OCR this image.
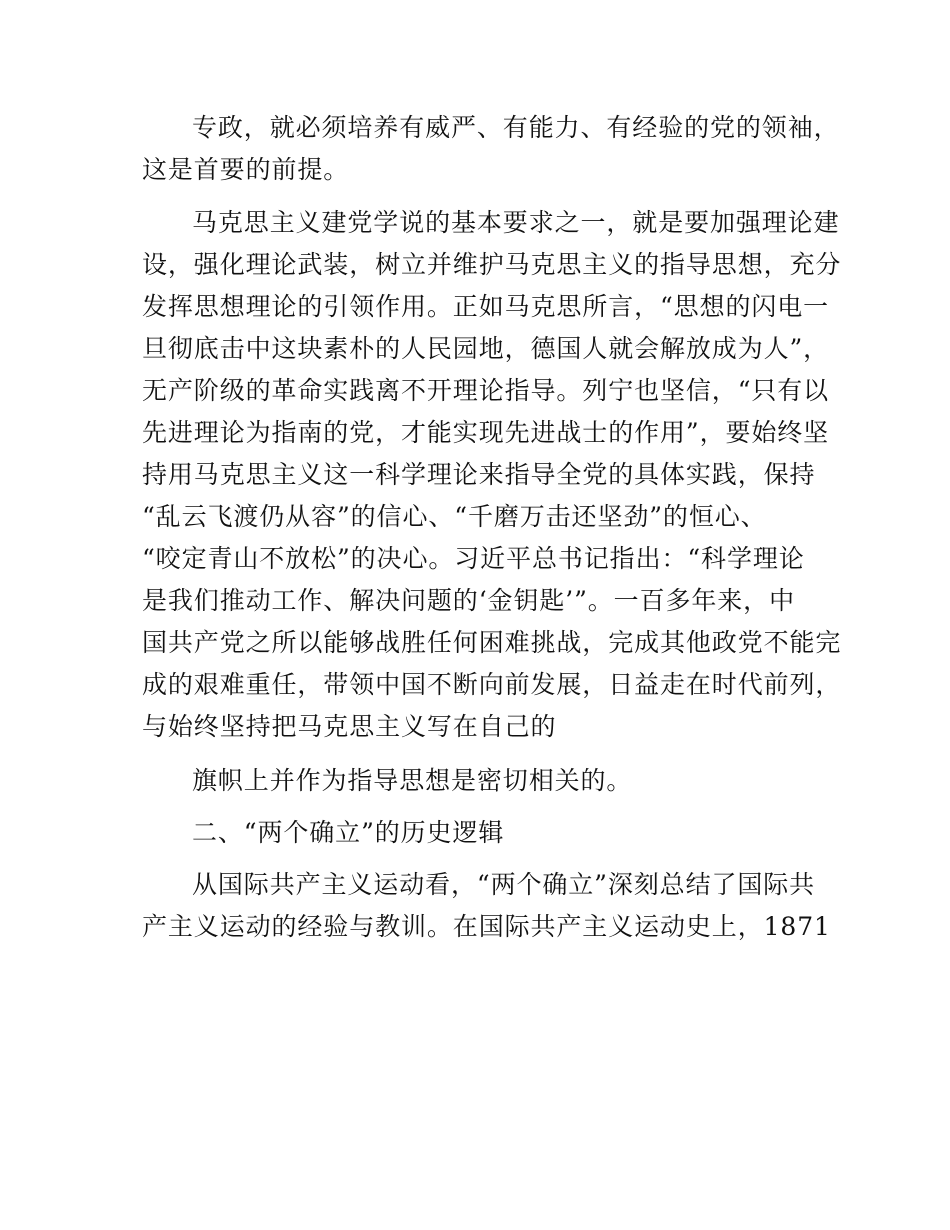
专政，就必须培养有威严、有能力、有经验的党的领袖，
这是首要的前提。
马克思主义建党学说的基本要求之一，就是要加强理论建
设，强化理论武装，树立并维护马克思主义的指导思想，充分
发挥思想理论的引领作用。正如马克思所言，“思想的闪电一
旦彻底击中这块素朴的人民园地，德国人就会解放成为人”，
无产阶级的革命实践离不开理论指导。列宁也坚信，“只有以
先进理论为指南的党，才能实现先进战士的作用”，要始终坚
持用马克思主义这一科学理论来指导全党的具体实践，保持
“乱云飞渡仍从容”的信心、“千磨万击还坚劲”的恒心、
“咬定青山不放松”的决心。习近平总书记指出：“科学理论
是我们推动工作、解决问题的‘金钥匙’”。一百多年来，中
国共产党之所以能够战胜任何困难挑战，完成其他政党不能完
成的艰难重任，带领中国不断向前发展，日益走在时代前列，
与始终坚持把马克思主义写在自己的
旗帜上并作为指导思想是密切相关的。
二、“两个确立”的历史逻辑
从国际共产主义运动看，“两个确立”深刻总结了国际共
产主义运动的经验与教训。在国际共产主义运动史上，1871
